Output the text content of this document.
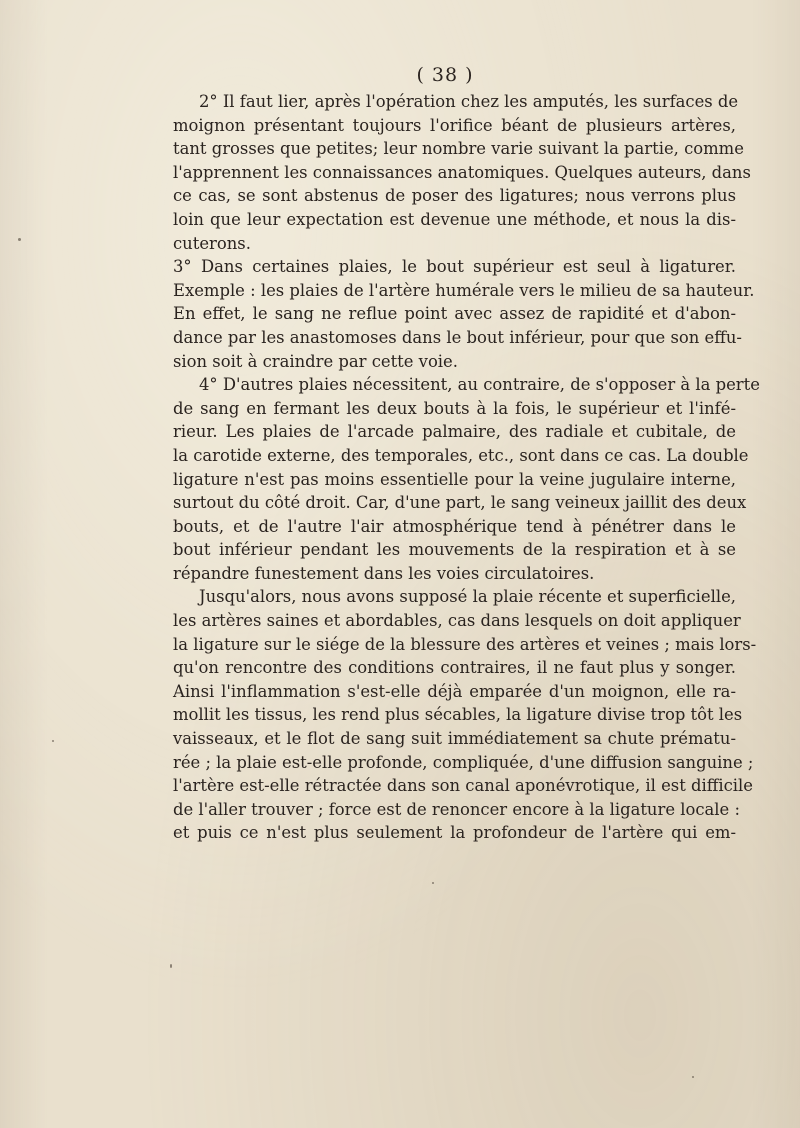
( 38 )
2° Il faut lier, après l'opération chez les amputés, les surfaces de
moignon présentant toujours l'orifice béant de plusieurs artères,
tant grosses que petites; leur nombre varie suivant la partie, comme
l'apprennent les connaissances anatomiques. Quelques auteurs, dans
ce cas, se sont abstenus de poser des ligatures; nous verrons plus
loin que leur expectation est devenue une méthode, et nous la dis-
cuterons.
3° Dans certaines plaies, le bout supérieur est seul à ligaturer.
Exemple : les plaies de l'artère humérale vers le milieu de sa hauteur.
En effet, le sang ne reflue point avec assez de rapidité et d'abon-
dance par les anastomoses dans le bout inférieur, pour que son effu-
sion soit à craindre par cette voie.
4° D'autres plaies nécessitent, au contraire, de s'opposer à la perte
de sang en fermant les deux bouts à la fois, le supérieur et l'infé-
rieur. Les plaies de l'arcade palmaire, des radiale et cubitale, de
la carotide externe, des temporales, etc., sont dans ce cas. La double
ligature n'est pas moins essentielle pour la veine jugulaire interne,
surtout du côté droit. Car, d'une part, le sang veineux jaillit des deux
bouts, et de l'autre l'air atmosphérique tend à pénétrer dans le
bout inférieur pendant les mouvements de la respiration et à se
répandre funestement dans les voies circulatoires.
Jusqu'alors, nous avons supposé la plaie récente et superficielle,
les artères saines et abordables, cas dans lesquels on doit appliquer
la ligature sur le siége de la blessure des artères et veines ; mais lors-
qu'on rencontre des conditions contraires, il ne faut plus y songer.
Ainsi l'inflammation s'est-elle déjà emparée d'un moignon, elle ra-
mollit les tissus, les rend plus sécables, la ligature divise trop tôt les
vaisseaux, et le flot de sang suit immédiatement sa chute prématu-
rée ; la plaie est-elle profonde, compliquée, d'une diffusion sanguine ;
l'artère est-elle rétractée dans son canal aponévrotique, il est difficile
de l'aller trouver ; force est de renoncer encore à la ligature locale :
et puis ce n'est plus seulement la profondeur de l'artère qui em-
